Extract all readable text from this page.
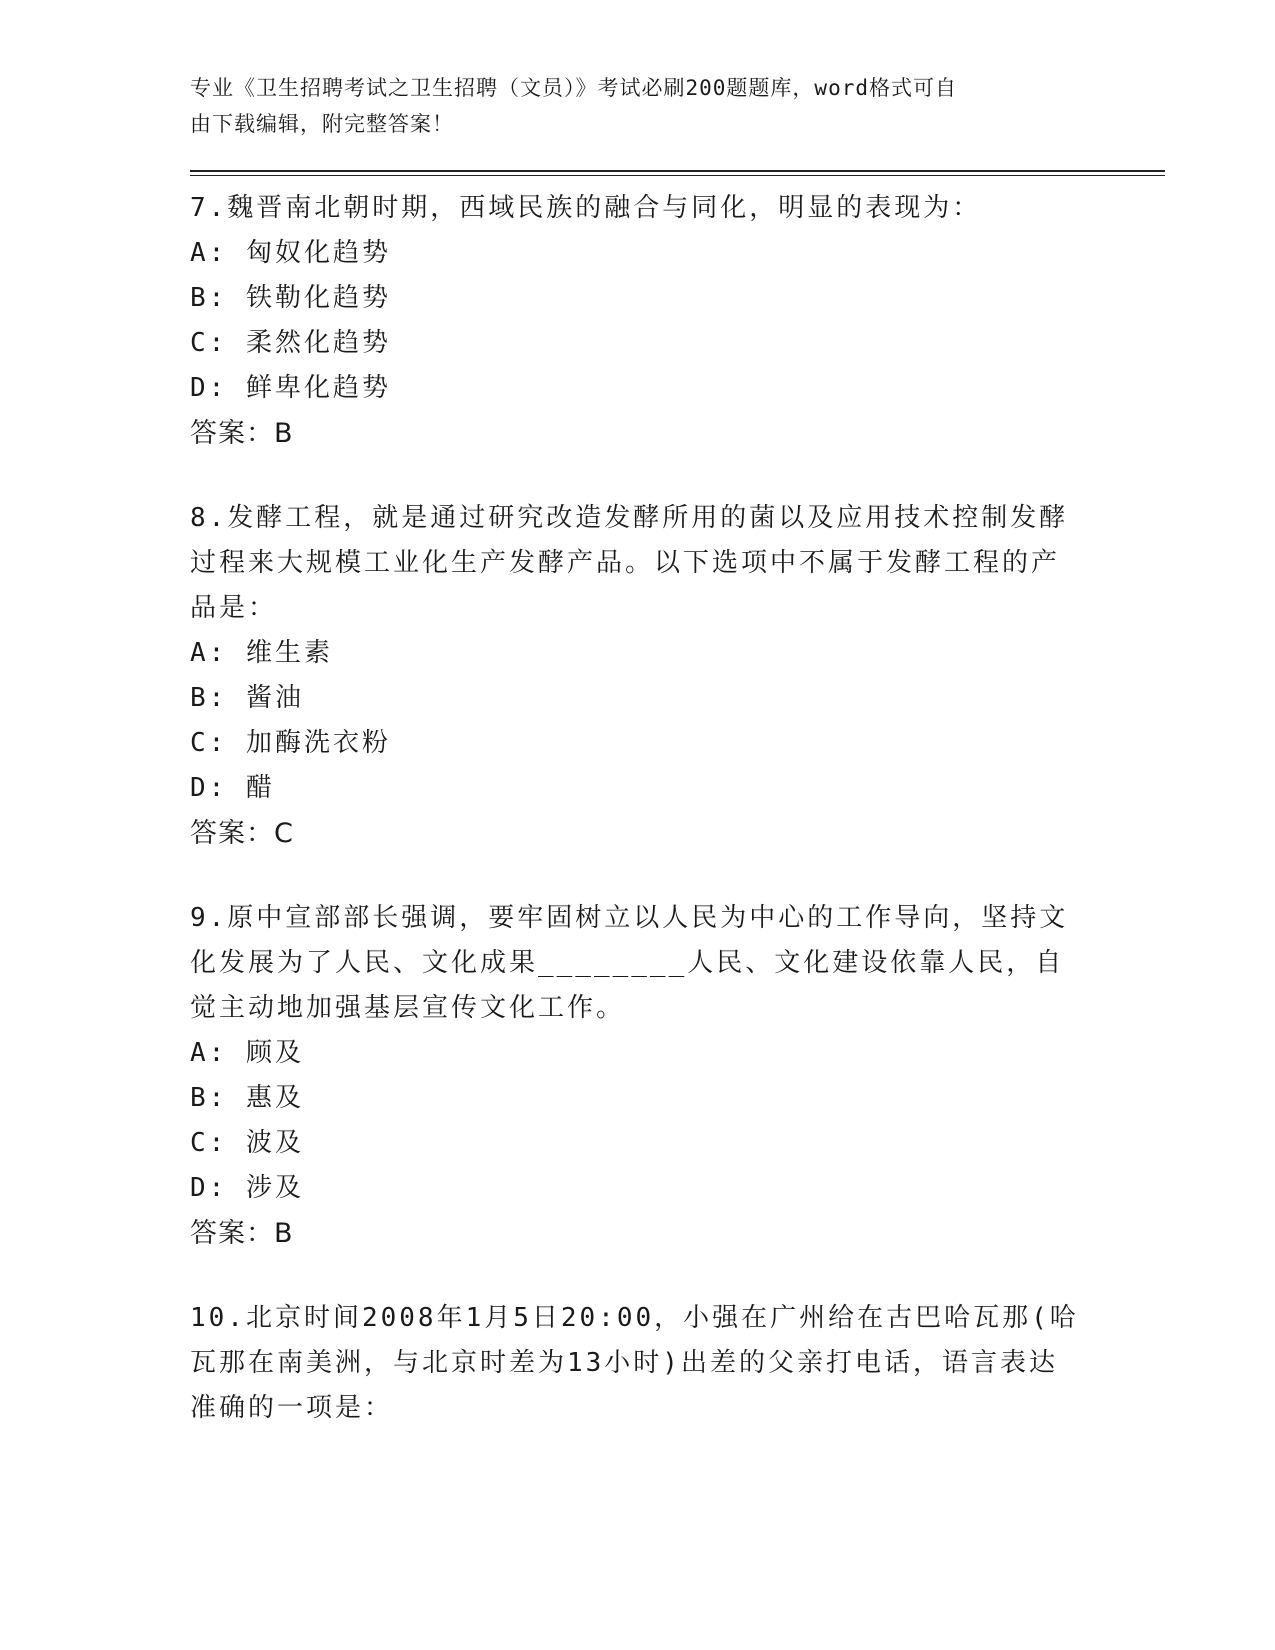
专业《卫生招聘考试之卫生招聘（文员）》考试必刷200题题库，word格式可自
由下载编辑，附完整答案！

7.魏晋南北朝时期，西域民族的融合与同化，明显的表现为：

A: 匈奴化趋势

B: 铁勒化趋势

C: 柔然化趋势

D: 鲜卑化趋势

答案：B

8.发酵工程，就是通过研究改造发酵所用的菌以及应用技术控制发酵过程来大规模工业化生产发酵产品。以下选项中不属于发酵工程的产品是：

A: 维生素

B: 酱油

C: 加酶洗衣粉

D: 醋

答案：C

9.原中宣部部长强调，要牢固树立以人民为中心的工作导向，坚持文化发展为了人民、文化成果________人民、文化建设依靠人民，自觉主动地加强基层宣传文化工作。

A: 顾及

B: 惠及

C: 波及

D: 涉及

答案：B

10.北京时间2008年1月5日20:00，小强在广州给在古巴哈瓦那(哈瓦那在南美洲，与北京时差为13小时)出差的父亲打电话，语言表达准确的一项是：
